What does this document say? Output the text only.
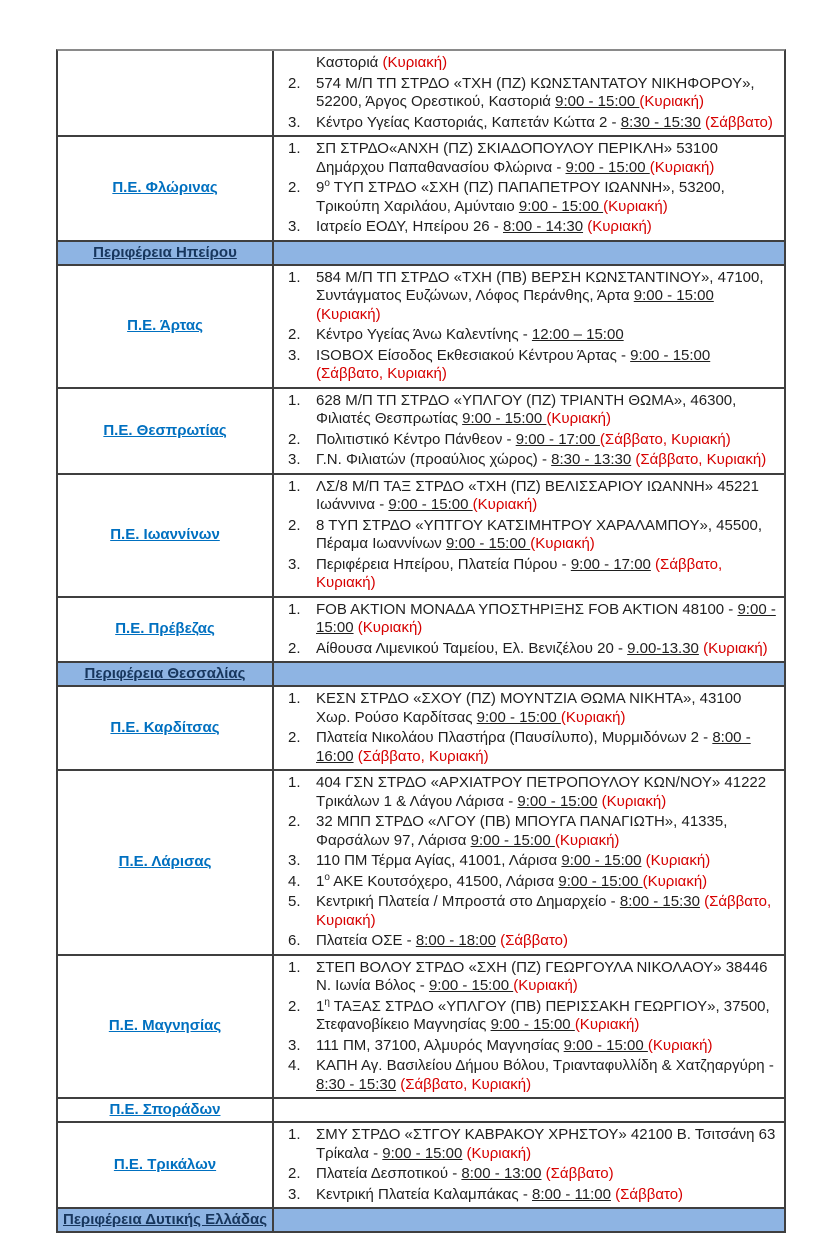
Καστοριά (Κυριακή)
2.	574 Μ/Π ΤΠ ΣΤΡΔΟ «ΤΧΗ (ΠΖ) ΚΩΝΣΤΑΝΤΑΤΟΥ ΝΙΚΗΦΟΡΟΥ», 52200, Άργος Ορεστικού, Καστοριά 9:00 - 15:00 (Κυριακή)
3.	Κέντρο Υγείας Καστοριάς, Καπετάν Κώττα 2 - 8:30 - 15:30 (Σάββατο)
Π.Ε. Φλώρινας
1.	ΣΠ ΣΤΡΔΟ«ΑΝΧΗ (ΠΖ) ΣΚΙΑΔΟΠΟΥΛΟΥ ΠΕΡΙΚΛΗ» 53100 Δημάρχου Παπαθανασίου Φλώρινα - 9:00 - 15:00 (Κυριακή)
2.	$9^o$ ΤΥΠ ΣΤΡΔΟ «ΣΧΗ (ΠΖ) ΠΑΠΑΠΕΤΡΟΥ ΙΩΑΝΝΗ», 53200, Τρικούπη Χαριλάου, Αμύνταιο 9:00 - 15:00 (Κυριακή)
3.	Ιατρείο ΕΟΔΥ, Ηπείρου 26 - 8:00 - 14:30 (Κυριακή)
Περιφέρεια Ηπείρου
Π.Ε. Άρτας
1.	584 Μ/Π ΤΠ ΣΤΡΔΟ «ΤΧΗ (ΠΒ) ΒΕΡΣΗ ΚΩΝΣΤΑΝΤΙΝΟΥ», 47100, Συντάγματος Ευζώνων, Λόφος Περάνθης, Άρτα 9:00 - 15:00 (Κυριακή)
2.	Κέντρο Υγείας Άνω Καλεντίνης - 12:00 – 15:00
3.	ISOBOX Είσοδος Εκθεσιακού Κέντρου Άρτας - 9:00 - 15:00 (Σάββατο, Κυριακή)
Π.Ε. Θεσπρωτίας
1.	628 Μ/Π ΤΠ ΣΤΡΔΟ «ΥΠΛΓΟΥ (ΠΖ) ΤΡΙΑΝΤΗ ΘΩΜΑ», 46300, Φιλιατές Θεσπρωτίας 9:00 - 15:00 (Κυριακή)
2.	Πολιτιστικό Κέντρο Πάνθεον - 9:00 - 17:00 (Σάββατο, Κυριακή)
3.	Γ.Ν. Φιλιατών (προαύλιος χώρος) - 8:30 - 13:30 (Σάββατο, Κυριακή)
Π.Ε. Ιωαννίνων
1.	ΛΣ/8 Μ/Π ΤΑΞ ΣΤΡΔΟ «ΤΧΗ (ΠΖ) ΒΕΛΙΣΣΑΡΙΟΥ ΙΩΑΝΝΗ» 45221 Ιωάννινα - 9:00 - 15:00 (Κυριακή)
2.	8 ΤΥΠ ΣΤΡΔΟ «ΥΠΤΓΟΥ ΚΑΤΣΙΜΗΤΡΟΥ ΧΑΡΑΛΑΜΠΟΥ», 45500, Πέραμα Ιωαννίνων 9:00 - 15:00 (Κυριακή)
3.	Περιφέρεια Ηπείρου, Πλατεία Πύρου - 9:00 - 17:00 (Σάββατο, Κυριακή)
Π.Ε. Πρέβεζας
1.	FOB AKTION ΜΟΝΑΔΑ ΥΠΟΣΤΗΡΙΞΗΣ FOB AKTION 48100 - 9:00 - 15:00 (Κυριακή)
2.	Αίθουσα Λιμενικού Ταμείου, Ελ. Βενιζέλου 20 - 9.00-13.30 (Κυριακή)
Περιφέρεια Θεσσαλίας
Π.Ε. Καρδίτσας
1.	ΚΕΣΝ ΣΤΡΔΟ «ΣΧΟΥ (ΠΖ) ΜΟΥΝΤΖΙΑ ΘΩΜΑ ΝΙΚΗΤΑ», 43100 Χωρ. Ρούσο Καρδίτσας 9:00 - 15:00 (Κυριακή)
2.	Πλατεία Νικολάου Πλαστήρα (Παυσίλυπο), Μυρμιδόνων 2 - 8:00 - 16:00 (Σάββατο, Κυριακή)
Π.Ε. Λάρισας
1.	404 ΓΣΝ ΣΤΡΔΟ «ΑΡΧΙΑΤΡΟΥ ΠΕΤΡΟΠΟΥΛΟΥ ΚΩΝ/ΝΟΥ» 41222 Τρικάλων 1 & Λάγου Λάρισα - 9:00 - 15:00 (Κυριακή)
2.	32 ΜΠΠ ΣΤΡΔΟ «ΛΓΟΥ (ΠΒ) ΜΠΟΥΓΑ ΠΑΝΑΓΙΩΤΗ», 41335, Φαρσάλων 97, Λάρισα 9:00 - 15:00 (Κυριακή)
3.	110 ΠΜ Τέρμα Αγίας, 41001, Λάρισα 9:00 - 15:00 (Κυριακή)
4.	$1^o$ ΑΚΕ Κουτσόχερο, 41500, Λάρισα 9:00 - 15:00 (Κυριακή)
5.	Κεντρική Πλατεία / Μπροστά στο Δημαρχείο - 8:00 - 15:30 (Σάββατο, Κυριακή)
6.	Πλατεία ΟΣΕ - 8:00 - 18:00 (Σάββατο)
Π.Ε. Μαγνησίας
1.	ΣΤΕΠ ΒΟΛΟΥ ΣΤΡΔΟ «ΣΧΗ (ΠΖ) ΓΕΩΡΓΟΥΛΑ ΝΙΚΟΛΑΟΥ» 38446 Ν. Ιωνία Βόλος - 9:00 - 15:00 (Κυριακή)
2.	$1^\eta$ ΤΑΞΑΣ ΣΤΡΔΟ «ΥΠΛΓΟΥ (ΠΒ) ΠΕΡΙΣΣΑΚΗ ΓΕΩΡΓΙΟΥ», 37500, Στεφανοβίκειο Μαγνησίας 9:00 - 15:00 (Κυριακή)
3.	111 ΠΜ, 37100, Αλμυρός Μαγνησίας 9:00 - 15:00 (Κυριακή)
4.	ΚΑΠΗ Αγ. Βασιλείου Δήμου Βόλου, Τριανταφυλλίδη & Χατζηαργύρη - 8:30 - 15:30 (Σάββατο, Κυριακή)
Π.Ε. Σποράδων
Π.Ε. Τρικάλων
1.	ΣΜΥ ΣΤΡΔΟ «ΣΤΓΟΥ ΚΑΒΡΑΚΟΥ ΧΡΗΣΤΟΥ» 42100 Β. Τσιτσάνη 63 Τρίκαλα - 9:00 - 15:00 (Κυριακή)
2.	Πλατεία Δεσποτικού - 8:00 - 13:00 (Σάββατο)
3.	Κεντρική Πλατεία Καλαμπάκας - 8:00 - 11:00 (Σάββατο)
Περιφέρεια Δυτικής Ελλάδας
